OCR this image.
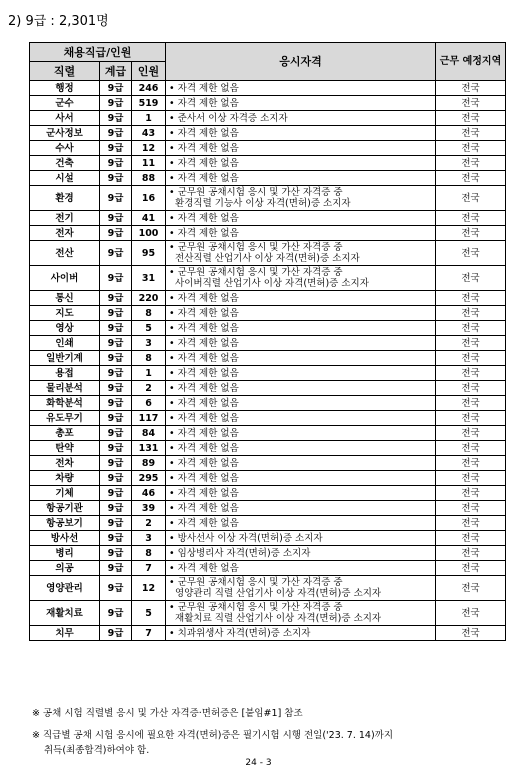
2) 9급 : 2,301명
채용직급/인원			응시자격	근무 예정지역
직렬	계급	인원		
행정	9급	246	• 자격 제한 없음	전국
군수	9급	519	• 자격 제한 없음	전국
사서	9급	1	• 준사서 이상 자격증 소지자	전국
군사정보	9급	43	• 자격 제한 없음	전국
수사	9급	12	• 자격 제한 없음	전국
건축	9급	11	• 자격 제한 없음	전국
시설	9급	88	• 자격 제한 없음	전국
환경	9급	16	• 군무원 공채시험 응시 및 가산 자격증 중
환경직렬 기능사 이상 자격(면허)증 소지자	전국
전기	9급	41	• 자격 제한 없음	전국
전자	9급	100	• 자격 제한 없음	전국
전산	9급	95	• 군무원 공채시험 응시 및 가산 자격증 중
전산직렬 산업기사 이상 자격(면허)증 소지자	전국
사이버	9급	31	• 군무원 공채시험 응시 및 가산 자격증 중
사이버직렬 산업기사 이상 자격(면허)증 소지자	전국
통신	9급	220	• 자격 제한 없음	전국
지도	9급	8	• 자격 제한 없음	전국
영상	9급	5	• 자격 제한 없음	전국
인쇄	9급	3	• 자격 제한 없음	전국
일반기계	9급	8	• 자격 제한 없음	전국
용접	9급	1	• 자격 제한 없음	전국
물리분석	9급	2	• 자격 제한 없음	전국
화학분석	9급	6	• 자격 제한 없음	전국
유도무기	9급	117	• 자격 제한 없음	전국
총포	9급	84	• 자격 제한 없음	전국
탄약	9급	131	• 자격 제한 없음	전국
전차	9급	89	• 자격 제한 없음	전국
차량	9급	295	• 자격 제한 없음	전국
기체	9급	46	• 자격 제한 없음	전국
항공기관	9급	39	• 자격 제한 없음	전국
항공보기	9급	2	• 자격 제한 없음	전국
방사선	9급	3	• 방사선사 이상 자격(면허)증 소지자	전국
병리	9급	8	• 임상병리사 자격(면허)증 소지자	전국
의공	9급	7	• 자격 제한 없음	전국
영양관리	9급	12	• 군무원 공채시험 응시 및 가산 자격증 중
영양관리 직렬 산업기사 이상 자격(면허)증 소지자	전국
재활치료	9급	5	• 군무원 공채시험 응시 및 가산 자격증 중
재활치료 직렬 산업기사 이상 자격(면허)증 소지자	전국
치무	9급	7	• 치과위생사 자격(면허)증 소지자	전국
※ 공채 시험 직렬별 응시 및 가산 자격증·면허증은 [붙임#1] 참조
※ 직급별 공채 시험 응시에 필요한 자격(면허)증은 필기시험 시행 전일('23. 7. 14)까지
취득(최종합격)하여야 함.
24 - 3
